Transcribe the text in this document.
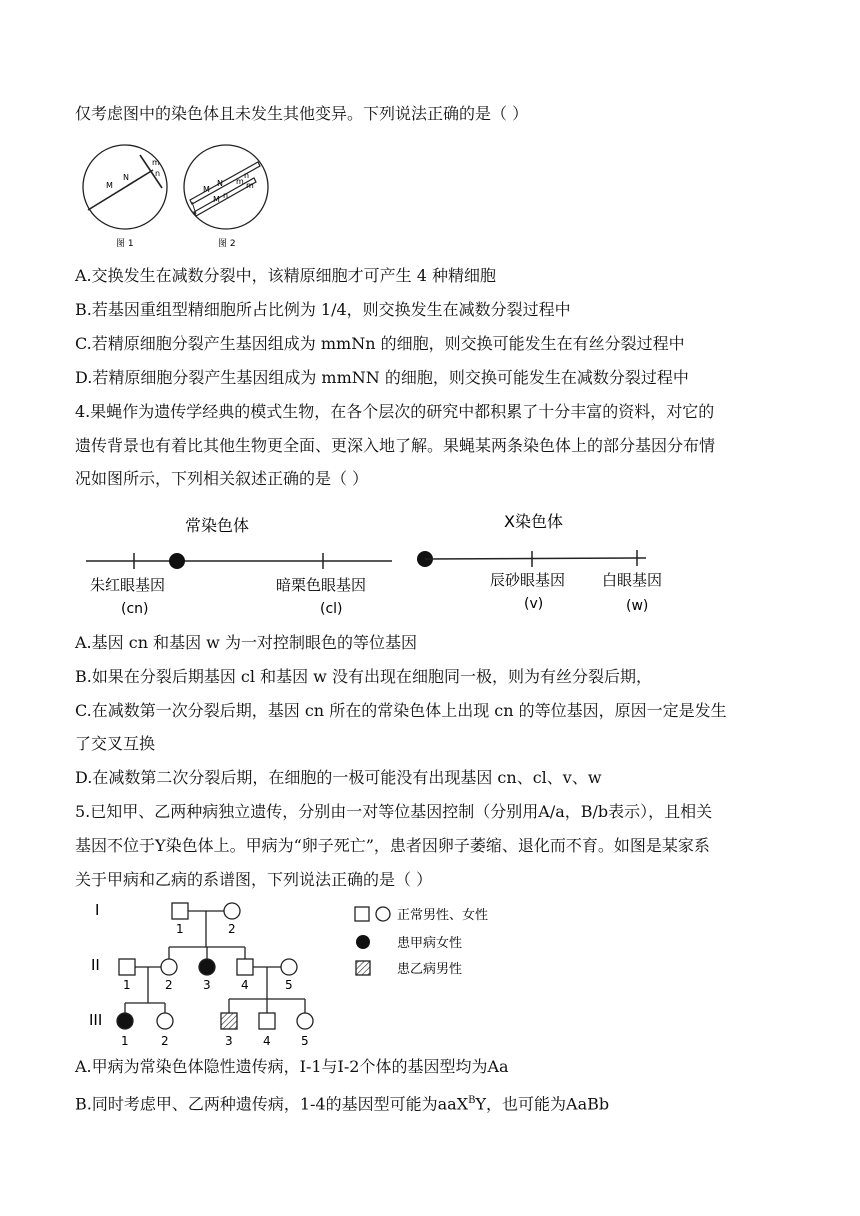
仅考虑图中的染色体且未发生其他变异。下列说法正确的是（ ）
M
N
m
n
图 1
M
N
M n
m
n
m
图 2
A.交换发生在减数分裂中，该精原细胞才可产生 4 种精细胞
B.若基因重组型精细胞所占比例为 1/4，则交换发生在减数分裂过程中
C.若精原细胞分裂产生基因组成为 mmNn 的细胞，则交换可能发生在有丝分裂过程中
D.若精原细胞分裂产生基因组成为 mmNN 的细胞，则交换可能发生在减数分裂过程中
4.果蝇作为遗传学经典的模式生物，在各个层次的研究中都积累了十分丰富的资料，对它的
遗传背景也有着比其他生物更全面、更深入地了解。果蝇某两条染色体上的部分基因分布情
况如图所示，下列相关叙述正确的是（ ）
常染色体
朱红眼基因
(cn)
暗栗色眼基因
(cl)
X染色体
辰砂眼基因
(v)
白眼基因
(w)
A.基因 cn 和基因 w 为一对控制眼色的等位基因
B.如果在分裂后期基因 cl 和基因 w 没有出现在细胞同一极，则为有丝分裂后期，
C.在减数第一次分裂后期，基因 cn 所在的常染色体上出现 cn 的等位基因，原因一定是发生
了交叉互换
D.在减数第二次分裂后期，在细胞的一极可能没有出现基因 cn、cl、v、w
5.已知甲、乙两种病独立遗传，分别由一对等位基因控制（分别用A/a，B/b表示），且相关
基因不位于Y染色体上。甲病为“卵子死亡”，患者因卵子萎缩、退化而不育。如图是某家系
关于甲病和乙病的系谱图，下列说法正确的是（ ）
I
II
III
1	2
1	2	3	4	5
1	2	3	4	5
正常男性、女性
患甲病女性
患乙病男性
A.甲病为常染色体隐性遗传病，I-1与I-2个体的基因型均为Aa
B.同时考虑甲、乙两种遗传病，1-4的基因型可能为aaX$^B$Y，也可能为AaBb
